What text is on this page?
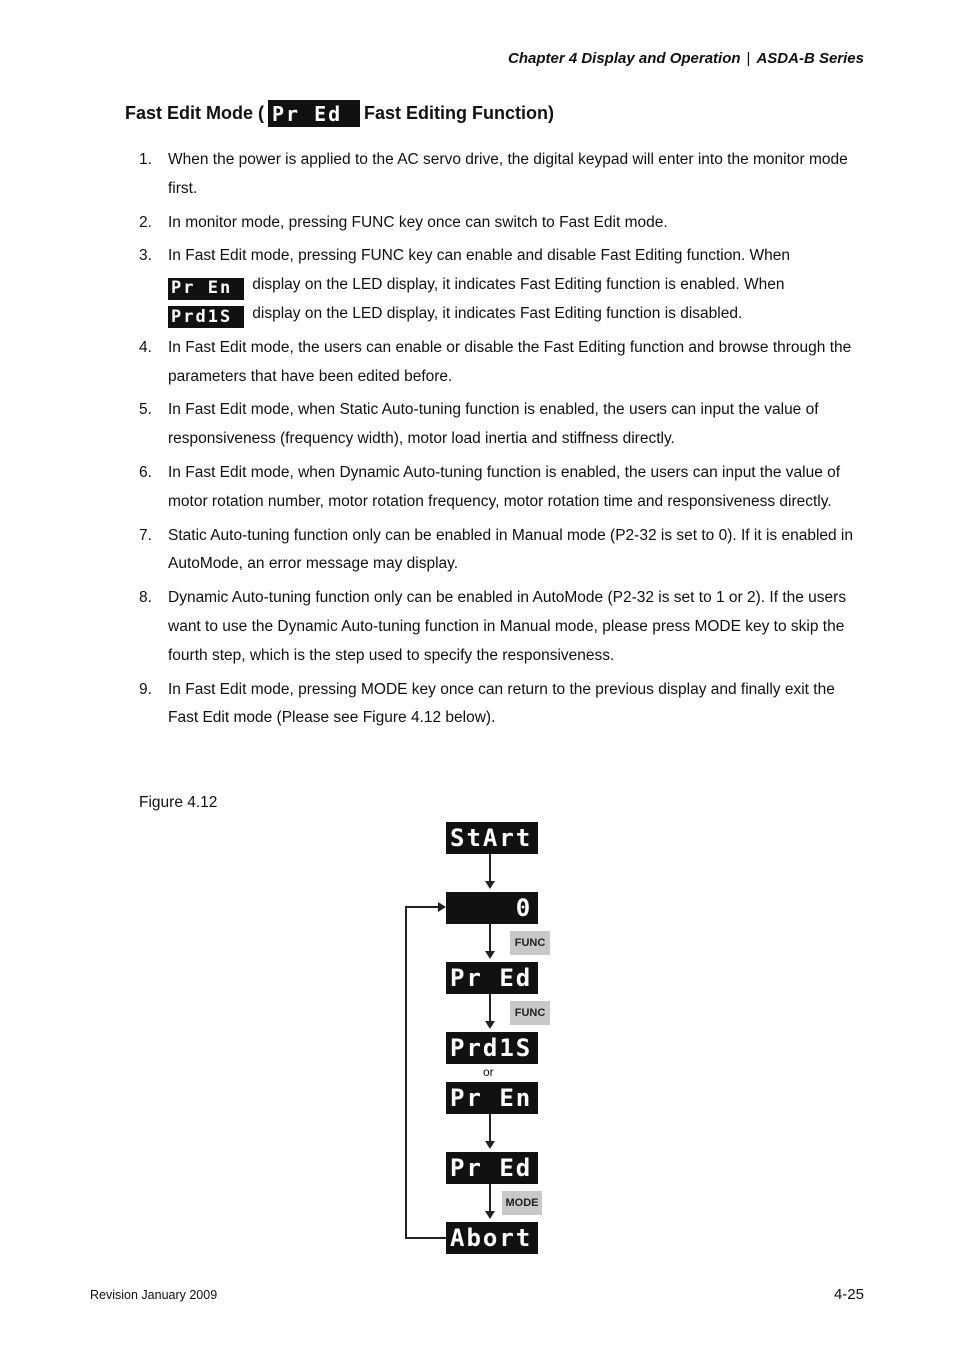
Chapter 4 Display and Operation | ASDA-B Series
Fast Edit Mode ( Pr Ed	Fast Editing Function)
1. When the power is applied to the AC servo drive, the digital keypad will enter into the monitor mode first.
2. In monitor mode, pressing FUNC key once can switch to Fast Edit mode.
3. In Fast Edit mode, pressing FUNC key can enable and disable Fast Editing function. When
Pr En display on the LED display, it indicates Fast Editing function is enabled. When
Prd1S display on the LED display, it indicates Fast Editing function is disabled.
4. In Fast Edit mode, the users can enable or disable the Fast Editing function and browse through the parameters that have been edited before.
5. In Fast Edit mode, when Static Auto-tuning function is enabled, the users can input the value of responsiveness (frequency width), motor load inertia and stiffness directly.
6. In Fast Edit mode, when Dynamic Auto-tuning function is enabled, the users can input the value of motor rotation number, motor rotation frequency, motor rotation time and responsiveness directly.
7. Static Auto-tuning function only can be enabled in Manual mode (P2-32 is set to 0). If it is enabled in AutoMode, an error message may display.
8. Dynamic Auto-tuning function only can be enabled in AutoMode (P2-32 is set to 1 or 2). If the users want to use the Dynamic Auto-tuning function in Manual mode, please press MODE key to skip the fourth step, which is the step used to specify the responsiveness.
9. In Fast Edit mode, pressing MODE key once can return to the previous display and finally exit the Fast Edit mode (Please see Figure 4.12 below).
Figure 4.12
StArt
0
Pr Ed
Prd1S
or
Pr En
Pr Ed
Abort
FUNC
FUNC
MODE
Revision January 2009	4-25
